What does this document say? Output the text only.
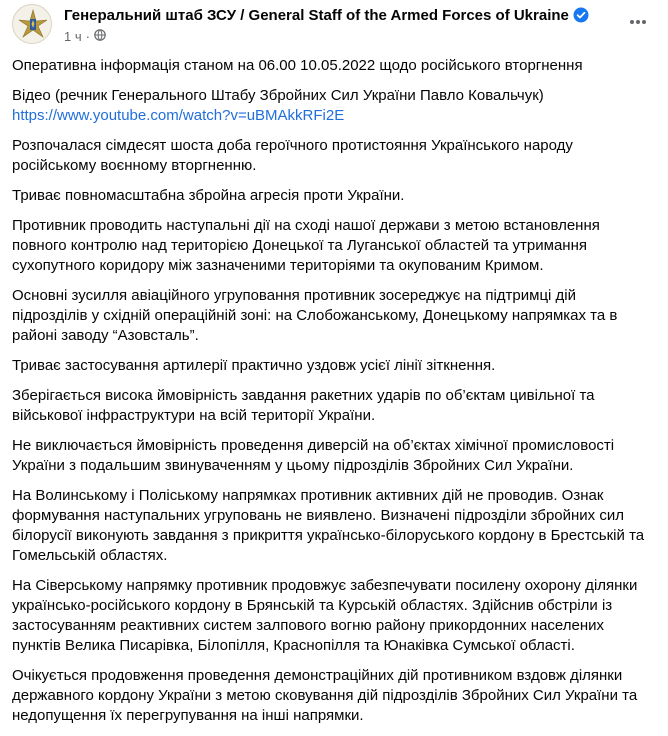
Генеральний штаб ЗСУ / General Staff of the Armed Forces of Ukraine
1 ч ·

Оперативна інформація станом на 06.00 10.05.2022 щодо російського вторгнення

Відео (речник Генерального Штабу Збройних Сил України Павло Ковальчук)
https://www.youtube.com/watch?v=uBMAkkRFi2E

Розпочалася сімдесят шоста доба героїчного протистояння Українського народу російському воєнному вторгненню.

Триває повномасштабна збройна агресія проти України.

Противник проводить наступальні дії на сході нашої держави з метою встановлення повного контролю над територією Донецької та Луганської областей та утримання сухопутного коридору між зазначеними територіями та окупованим Кримом.

Основні зусилля авіаційного угруповання противник зосереджує на підтримці дій підрозділів у східній операційній зоні: на Слобожанському, Донецькому напрямках та в районі заводу “Азовсталь”.

Триває застосування артилерії практично уздовж усієї лінії зіткнення.

Зберігається висока ймовірність завдання ракетних ударів по об’єктам цивільної та військової інфраструктури на всій території України.

Не виключається ймовірність проведення диверсій на об’єктах хімічної промисловості України з подальшим звинуваченням у цьому підрозділів Збройних Сил України.

На Волинському і Поліському напрямках противник активних дій не проводив. Ознак формування наступальних угруповань не виявлено. Визначені підрозділи збройних сил білорусії виконують завдання з прикриття українсько-білоруського кордону в Брестській та Гомельській областях.

На Сіверському напрямку противник продовжує забезпечувати посилену охорону ділянки українсько-російського кордону в Брянській та Курській областях. Здійснив обстріли із застосуванням реактивних систем залпового вогню району прикордонних населених пунктів Велика Писарівка, Білопілля, Краснопілля та Юнаківка Сумської області.

Очікується продовження проведення демонстраційних дій противником вздовж ділянки державного кордону України з метою сковування дій підрозділів Збройних Сил України та недопущення їх перегрупування на інші напрямки.
